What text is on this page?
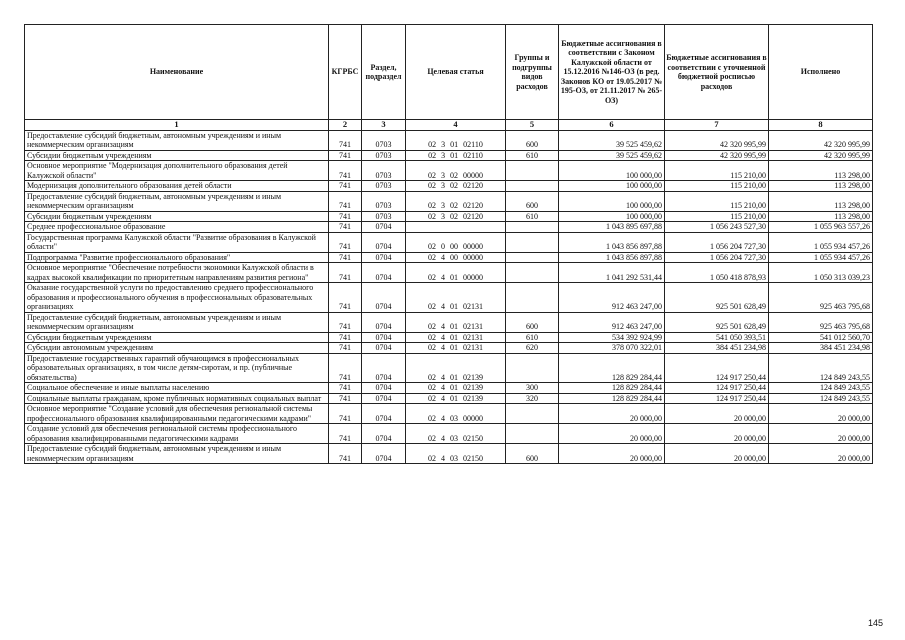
Наименование	КГРБС	Раздел, подраздел	Целевая статья	Группы и подгруппы видов расходов	Бюджетные ассигнования в соответствии с Законом Калужской области от 15.12.2016 №146-ОЗ (в ред. Законов КО от 19.05.2017 № 195-ОЗ, от 21.11.2017 № 265-ОЗ)	Бюджетные ассигнования в соответствии с уточненной бюджетной росписью расходов	Исполнено
1	2	3	4	5	6	7	8
Предоставление субсидий бюджетным, автономным учреждениям и иным некоммерческим организациям	741	0703	02 3 01 02110	600	39 525 459,62	42 320 995,99	42 320 995,99
Субсидии бюджетным учреждениям	741	0703	02 3 01 02110	610	39 525 459,62	42 320 995,99	42 320 995,99
Основное мероприятие "Модернизация дополнительного образования детей Калужской области"	741	0703	02 3 02 00000		100 000,00	115 210,00	113 298,00
Модернизация дополнительного образования детей области	741	0703	02 3 02 02120		100 000,00	115 210,00	113 298,00
Предоставление субсидий бюджетным, автономным учреждениям и иным некоммерческим организациям	741	0703	02 3 02 02120	600	100 000,00	115 210,00	113 298,00
Субсидии бюджетным учреждениям	741	0703	02 3 02 02120	610	100 000,00	115 210,00	113 298,00
Среднее профессиональное образование	741	0704			1 043 895 697,88	1 056 243 527,30	1 055 963 557,26
Государственная программа Калужской области "Развитие образования в Калужской области"	741	0704	02 0 00 00000		1 043 856 897,88	1 056 204 727,30	1 055 934 457,26
Подпрограмма "Развитие профессионального образования"	741	0704	02 4 00 00000		1 043 856 897,88	1 056 204 727,30	1 055 934 457,26
Основное мероприятие "Обеспечение потребности экономики Калужской области в кадрах высокой квалификации по приоритетным направлениям развития региона"	741	0704	02 4 01 00000		1 041 292 531,44	1 050 418 878,93	1 050 313 039,23
Оказание государственной услуги по предоставлению среднего профессионального образования и профессионального обучения в профессиональных образовательных организациях	741	0704	02 4 01 02131		912 463 247,00	925 501 628,49	925 463 795,68
Предоставление субсидий бюджетным, автономным учреждениям и иным некоммерческим организациям	741	0704	02 4 01 02131	600	912 463 247,00	925 501 628,49	925 463 795,68
Субсидии бюджетным учреждениям	741	0704	02 4 01 02131	610	534 392 924,99	541 050 393,51	541 012 560,70
Субсидии автономным учреждениям	741	0704	02 4 01 02131	620	378 070 322,01	384 451 234,98	384 451 234,98
Предоставление государственных гарантий обучающимся в профессиональных образовательных организациях, в том числе детям-сиротам, и пр. (публичные обязательства)	741	0704	02 4 01 02139		128 829 284,44	124 917 250,44	124 849 243,55
Социальное обеспечение и иные выплаты населению	741	0704	02 4 01 02139	300	128 829 284,44	124 917 250,44	124 849 243,55
Социальные выплаты гражданам, кроме публичных нормативных социальных выплат	741	0704	02 4 01 02139	320	128 829 284,44	124 917 250,44	124 849 243,55
Основное мероприятие "Создание условий для обеспечения региональной системы профессионального образования квалифицированными педагогическими кадрами"	741	0704	02 4 03 00000		20 000,00	20 000,00	20 000,00
Создание условий для обеспечения региональной системы профессионального образования квалифицированными педагогическими кадрами	741	0704	02 4 03 02150		20 000,00	20 000,00	20 000,00
Предоставление субсидий бюджетным, автономным учреждениям и иным некоммерческим организациям	741	0704	02 4 03 02150	600	20 000,00	20 000,00	20 000,00
145
